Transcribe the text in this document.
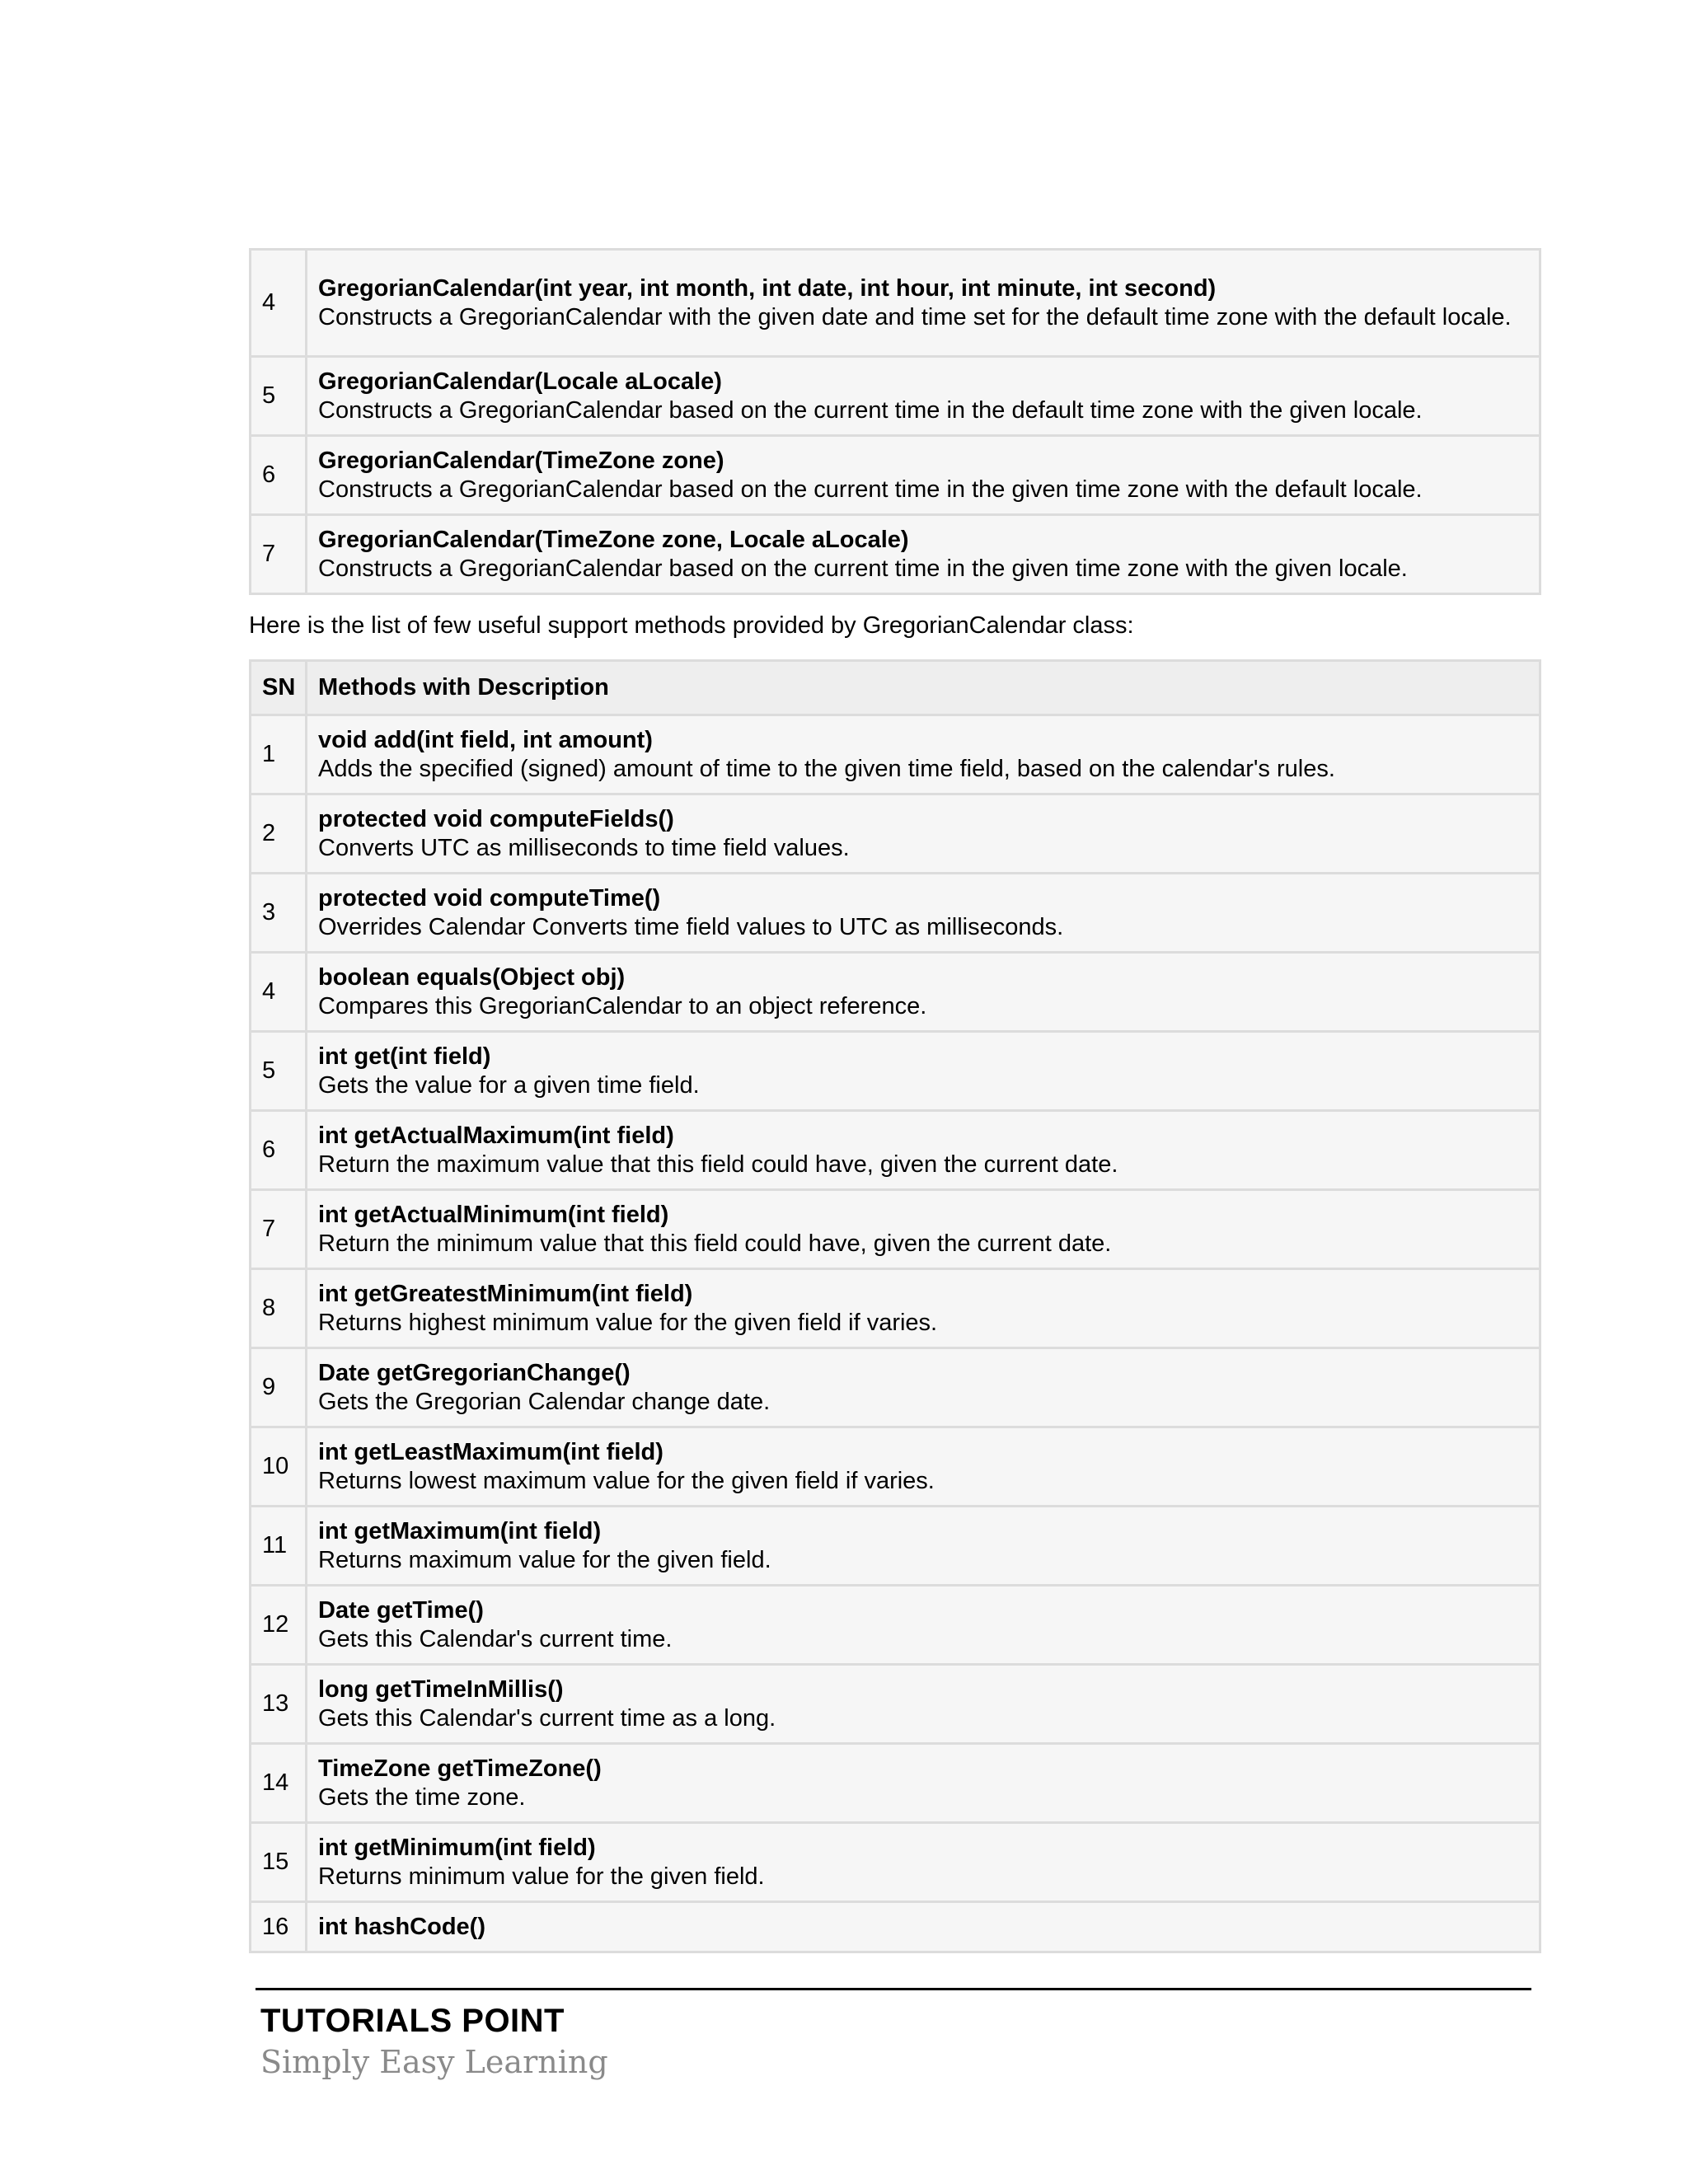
4	GregorianCalendar(int year, int month, int date, int hour, int minute, int second)
Constructs a GregorianCalendar with the given date and time set for the default time zone with the default locale.

5	GregorianCalendar(Locale aLocale)
Constructs a GregorianCalendar based on the current time in the default time zone with the given locale.

6	GregorianCalendar(TimeZone zone)
Constructs a GregorianCalendar based on the current time in the given time zone with the default locale.

7	GregorianCalendar(TimeZone zone, Locale aLocale)
Constructs a GregorianCalendar based on the current time in the given time zone with the given locale.

Here is the list of few useful support methods provided by GregorianCalendar class:

SN	Methods with Description
1	void add(int field, int amount)
Adds the specified (signed) amount of time to the given time field, based on the calendar's rules.

2	protected void computeFields()
Converts UTC as milliseconds to time field values.

3	protected void computeTime()
Overrides Calendar Converts time field values to UTC as milliseconds.

4	boolean equals(Object obj)
Compares this GregorianCalendar to an object reference.

5	int get(int field)
Gets the value for a given time field.

6	int getActualMaximum(int field)
Return the maximum value that this field could have, given the current date.

7	int getActualMinimum(int field)
Return the minimum value that this field could have, given the current date.

8	int getGreatestMinimum(int field)
Returns highest minimum value for the given field if varies.

9	Date getGregorianChange()
Gets the Gregorian Calendar change date.

10	int getLeastMaximum(int field)
Returns lowest maximum value for the given field if varies.

11	int getMaximum(int field)
Returns maximum value for the given field.

12	Date getTime()
Gets this Calendar's current time.

13	long getTimeInMillis()
Gets this Calendar's current time as a long.

14	TimeZone getTimeZone()
Gets the time zone.

15	int getMinimum(int field)
Returns minimum value for the given field.

16	int hashCode()
TUTORIALS POINT
Simply Easy Learning
